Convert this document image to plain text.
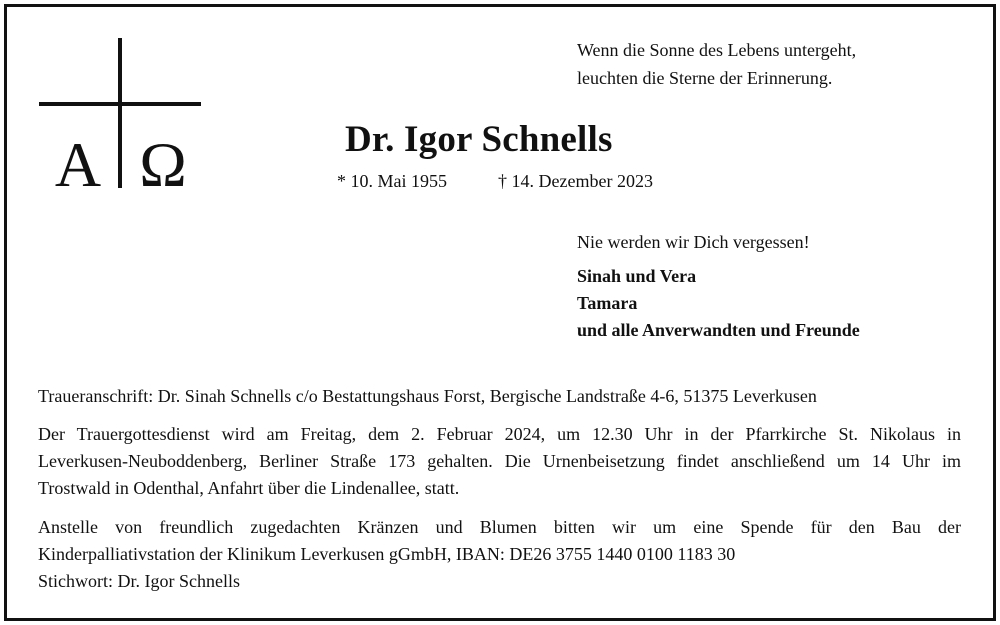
A Ω
Wenn die Sonne des Lebens untergeht,
leuchten die Sterne der Erinnerung.
Dr. Igor Schnells
* 10. Mai 1955	† 14. Dezember 2023
Nie werden wir Dich vergessen!
Sinah und Vera
Tamara
und alle Anverwandten und Freunde
Traueranschrift: Dr. Sinah Schnells c/o Bestattungshaus Forst, Bergische Landstraße 4-6, 51375 Leverkusen
Der Trauergottesdienst wird am Freitag, dem 2. Februar 2024, um 12.30 Uhr in der Pfarrkirche St. Nikolaus in
Leverkusen-Neuboddenberg, Berliner Straße 173 gehalten. Die Urnenbeisetzung findet anschließend um 14 Uhr im
Trostwald in Odenthal, Anfahrt über die Lindenallee, statt.
Anstelle von freundlich zugedachten Kränzen und Blumen bitten wir um eine Spende für den Bau der
Kinderpalliativstation der Klinikum Leverkusen gGmbH, IBAN: DE26 3755 1440 0100 1183 30
Stichwort: Dr. Igor Schnells
